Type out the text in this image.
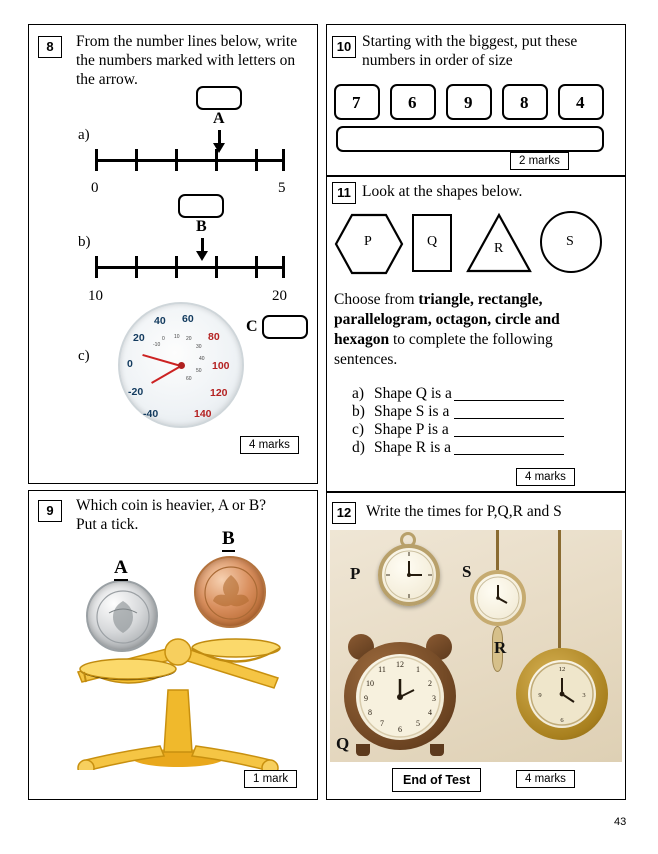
8	From the number lines below, write the numbers marked with letters on the arrow.
a)
A
0	5
b)
B
10	20
c)
40 60
20	80
0	100
-20	120
-40	140
-10
0 10 20
30
40
50
60
C
4 marks
9	Which coin is heavier, A or B? Put a tick.
A
B
1 mark
10 Starting with the biggest, put these numbers in order of size
7	6	9	8	4
2 marks
11 Look at the shapes below.
P	Q	R	S
Choose from triangle, rectangle, parallelogram, octagon, circle and hexagon to complete the following sentences.
a) Shape Q is a
b) Shape S is a
c) Shape P is a
d) Shape R is a
4 marks
12 Write the times for P,Q,R and S
P	S
12
1
2
3
4
5
6
7
8
9
10
11
Q
12
3
6
9
R
End of Test	4 marks
43
